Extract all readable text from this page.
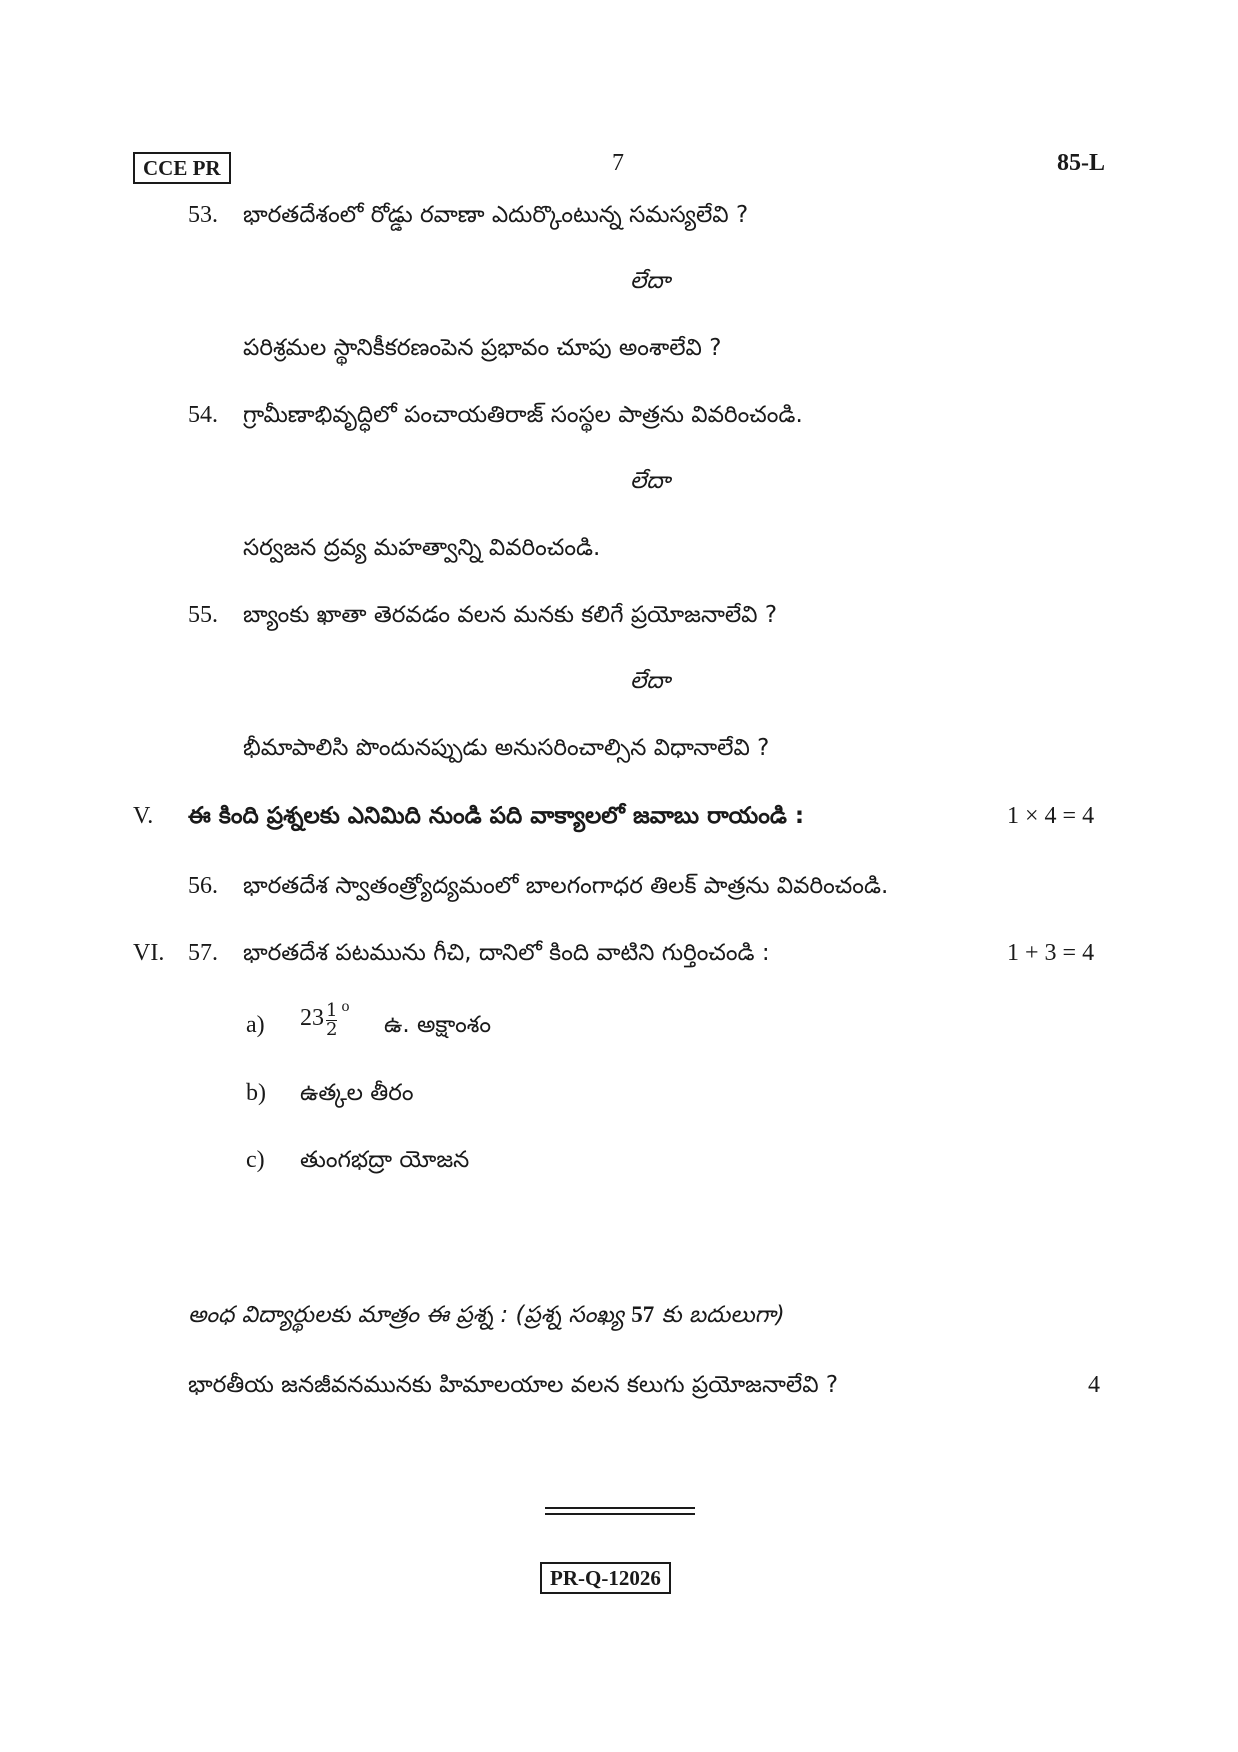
CCE PR	7	85-L
53. భారతదేశంలో రోడ్డు రవాణా ఎదుర్కొంటున్న సమస్యలేవి ?
లేదా
పరిశ్రమల స్థానికీకరణంపెన ప్రభావం చూపు అంశాలేవి ?
54. గ్రామీణాభివృద్ధిలో పంచాయతిరాజ్ సంస్థల పాత్రను వివరించండి.
లేదా
సర్వజన ద్రవ్య మహత్వాన్ని వివరించండి.
55. బ్యాంకు ఖాతా తెరవడం వలన మనకు కలిగే ప్రయోజనాలేవి ?
లేదా
భీమాపాలిసి పొందునప్పుడు అనుసరించాల్సిన విధానాలేవి ?
V. ఈ కింది ప్రశ్నలకు ఎనిమిది నుండి పది వాక్యాలలో జవాబు రాయండి :	1 × 4 = 4
56. భారతదేశ స్వాతంత్ర్యోద్యమంలో బాలగంగాధర తిలక్ పాత్రను వివరించండి.
VI. 57. భారతదేశ పటమును గీచి, దానిలో కింది వాటిని గుర్తించండి :	1 + 3 = 4
a) $23 \frac{1}{2}$ o
ఉ. అక్షాంశం
b) ఉత్కల తీరం
c) తుంగభద్రా యోజన
అంధ విద్యార్థులకు మాత్రం ఈ ప్రశ్న : (ప్రశ్న సంఖ్య 57 కు బదులుగా)
భారతీయ జనజీవనమునకు హిమాలయాల వలన కలుగు ప్రయోజనాలేవి ?	4
PR-Q-12026
